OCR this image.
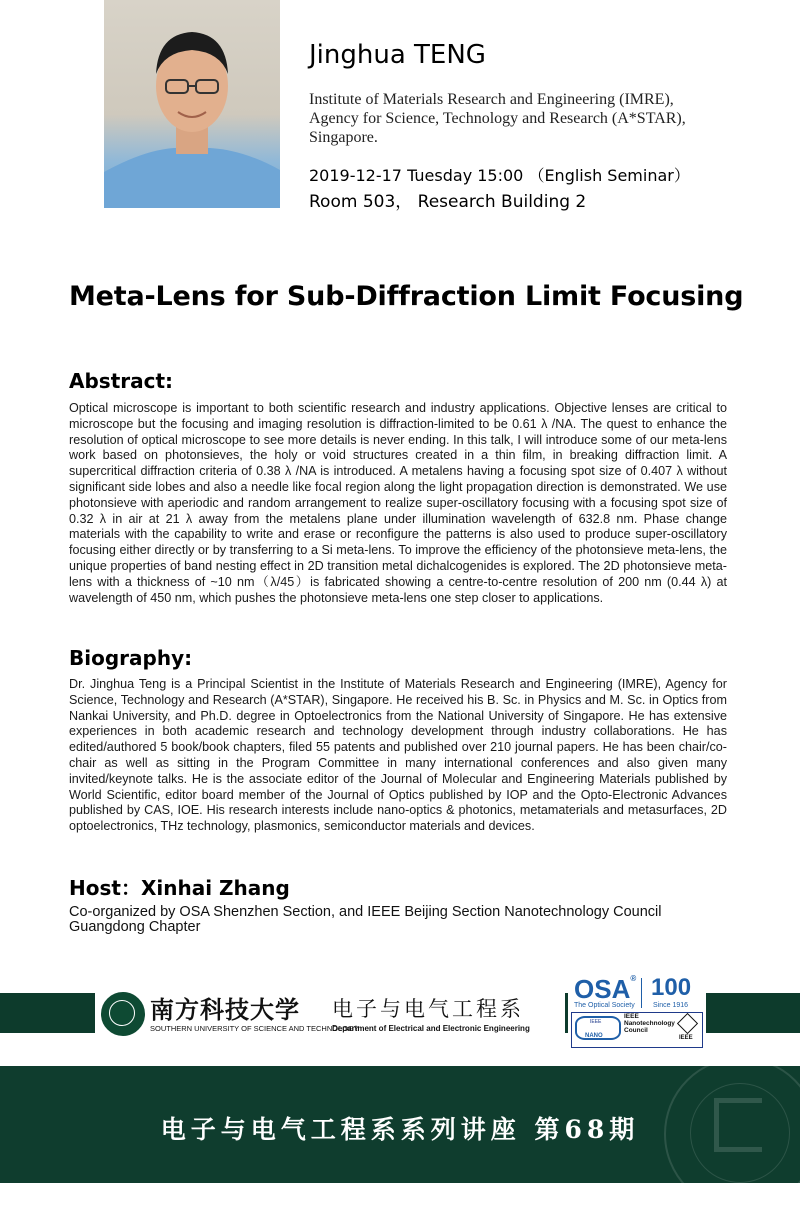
Jinghua TENG
Institute of Materials Research and Engineering (IMRE), Agency for Science, Technology and Research (A*STAR), Singapore.
2019-12-17 Tuesday 15:00 （English Seminar）
Room 503， Research Building 2
Meta-Lens for Sub-Diffraction Limit Focusing
Abstract:
Optical microscope is important to both scientific research and industry applications. Objective lenses are critical to microscope but the focusing and imaging resolution is diffraction-limited to be 0.61 λ /NA. The quest to enhance the resolution of optical microscope to see more details is never ending. In this talk, I will introduce some of our meta-lens work based on photonsieves, the holy or void structures created in a thin film, in breaking diffraction limit. A supercritical diffraction criteria of 0.38 λ /NA is introduced. A metalens having a focusing spot size of 0.407 λ without significant side lobes and also a needle like focal region along the light propagation direction is demonstrated. We use photonsieve with aperiodic and random arrangement to realize super-oscillatory focusing with a focusing spot size of 0.32 λ in air at 21 λ away from the metalens plane under illumination wavelength of 632.8 nm. Phase change materials with the capability to write and erase or reconfigure the patterns is also used to produce super-oscillatory focusing either directly or by transferring to a Si meta-lens. To improve the efficiency of the photonsieve meta-lens, the unique properties of band nesting effect in 2D transition metal dichalcogenides is explored. The 2D photonsieve meta-lens with a thickness of ~10 nm（λ/45）is fabricated showing a centre-to-centre resolution of 200 nm (0.44 λ) at wavelength of 450 nm, which pushes the photonsieve meta-lens one step closer to applications.
Biography:
Dr. Jinghua Teng is a Principal Scientist in the Institute of Materials Research and Engineering (IMRE), Agency for Science, Technology and Research (A*STAR), Singapore. He received his B. Sc. in Physics and M. Sc. in Optics from Nankai University, and Ph.D. degree in Optoelectronics from the National University of Singapore. He has extensive experiences in both academic research and technology development through industry collaborations. He has edited/authored 5 book/book chapters, filed 55 patents and published over 210 journal papers. He has been chair/co-chair as well as sitting in the Program Committee in many international conferences and also given many invited/keynote talks. He is the associate editor of the Journal of Molecular and Engineering Materials published by World Scientific, editor board member of the Journal of Optics published by IOP and the Opto-Electronic Advances published by CAS, IOE. His research interests include nano-optics & photonics, metamaterials and metasurfaces, 2D optoelectronics, THz technology, plasmonics, semiconductor materials and devices.
Host：Xinhai Zhang
Co-organized by OSA Shenzhen Section, and IEEE Beijing Section Nanotechnology Council Guangdong Chapter
南方科技大学
SOUTHERN UNIVERSITY OF SCIENCE AND TECHNOLOGY
电子与电气工程系
Department of Electrical and Electronic Engineering
OSA®
The Optical Society
100
Since 1916
IEEE
NANO
IEEE
Nanotechnology
Council
IEEE
电子与电气工程系系列讲座 第68期
